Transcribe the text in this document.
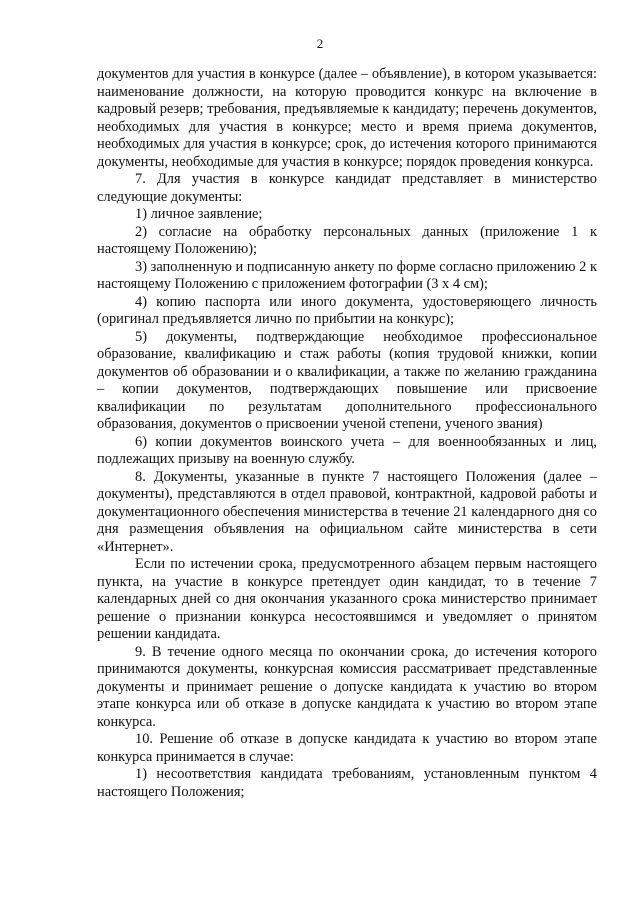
2

документов для участия в конкурсе (далее – объявление), в котором указывается: наименование должности, на которую проводится конкурс на включение в кадровый резерв; требования, предъявляемые к кандидату; перечень документов, необходимых для участия в конкурсе; место и время приема документов, необходимых для участия в конкурсе; срок, до истечения которого принимаются документы, необходимые для участия в конкурсе; порядок проведения конкурса.

7. Для участия в конкурсе кандидат представляет в министерство следующие документы:

1) личное заявление;

2) согласие на обработку персональных данных (приложение 1 к настоящему Положению);

3) заполненную и подписанную анкету по форме согласно приложению 2 к настоящему Положению с приложением фотографии (3 х 4 см);

4) копию паспорта или иного документа, удостоверяющего личность (оригинал предъявляется лично по прибытии на конкурс);

5) документы, подтверждающие необходимое профессиональное образование, квалификацию и стаж работы (копия трудовой книжки, копии документов об образовании и о квалификации, а также по желанию гражданина – копии документов, подтверждающих повышение или присвоение квалификации по результатам дополнительного профессионального образования, документов о присвоении ученой степени, ученого звания)

6) копии документов воинского учета – для военнообязанных и лиц, подлежащих призыву на военную службу.

8. Документы, указанные в пункте 7 настоящего Положения (далее – документы), представляются в отдел правовой, контрактной, кадровой работы и документационного обеспечения министерства в течение 21 календарного дня со дня размещения объявления на официальном сайте министерства в сети «Интернет».

Если по истечении срока, предусмотренного абзацем первым настоящего пункта, на участие в конкурсе претендует один кандидат, то в течение 7 календарных дней со дня окончания указанного срока министерство принимает решение о признании конкурса несостоявшимся и уведомляет о принятом решении кандидата.

9. В течение одного месяца по окончании срока, до истечения которого принимаются документы, конкурсная комиссия рассматривает представленные документы и принимает решение о допуске кандидата к участию во втором этапе конкурса или об отказе в допуске кандидата к участию во втором этапе конкурса.

10. Решение об отказе в допуске кандидата к участию во втором этапе конкурса принимается в случае:

1) несоответствия кандидата требованиям, установленным пунктом 4 настоящего Положения;
